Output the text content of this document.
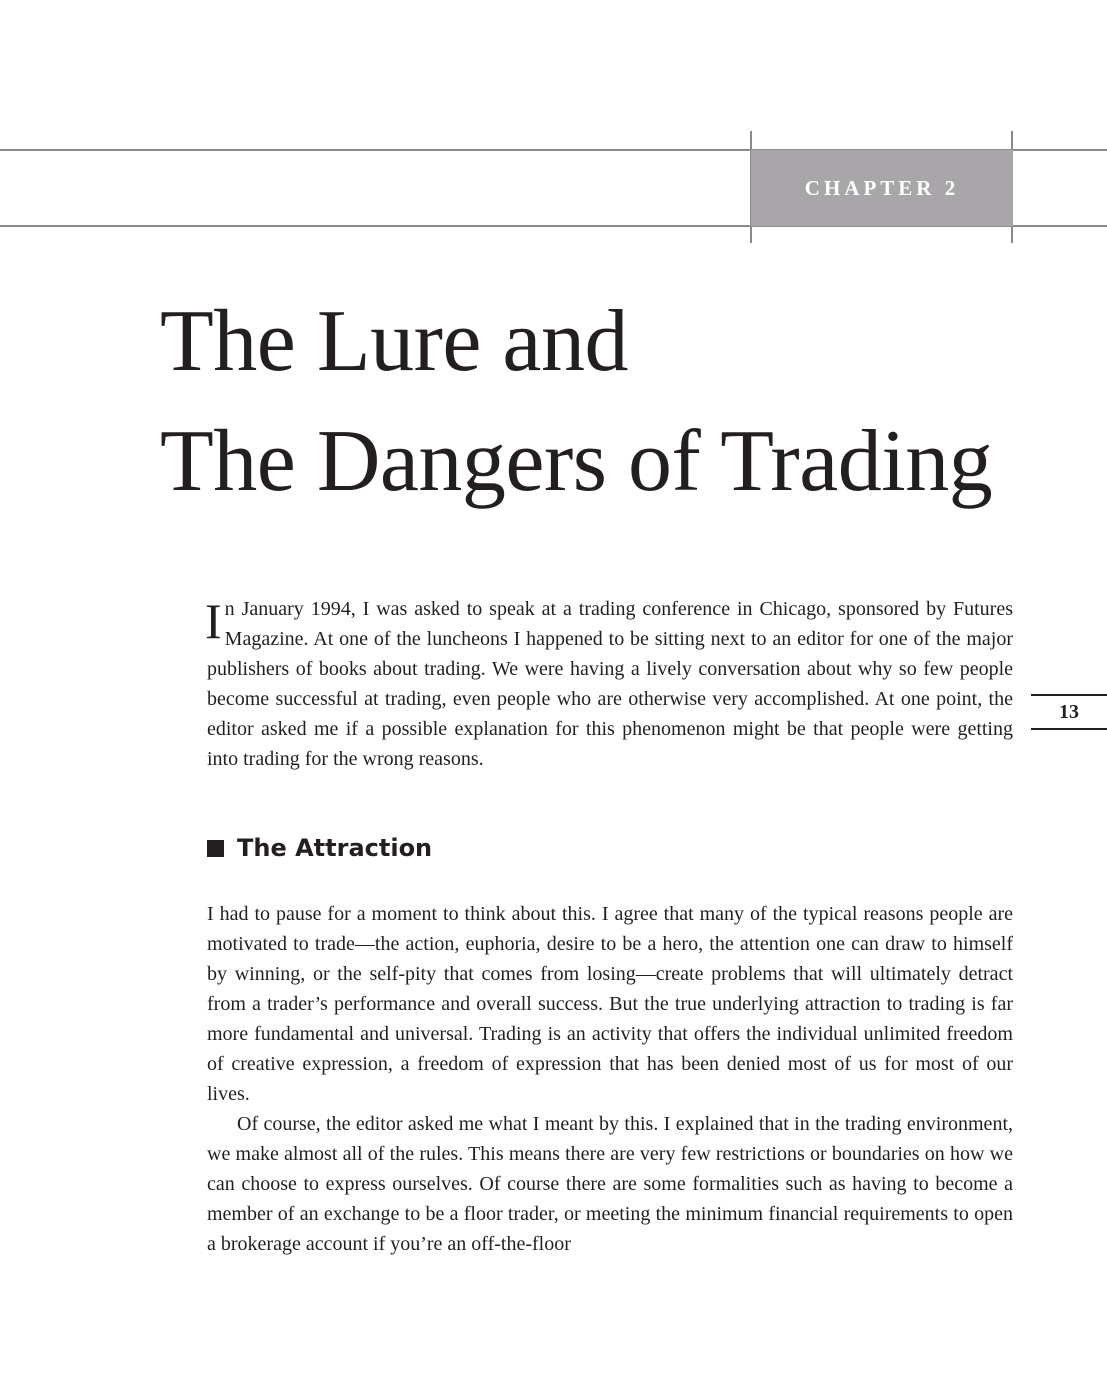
CHAPTER 2
The Lure and
The Dangers of Trading

In January 1994, I was asked to speak at a trading conference in Chicago, sponsored by Futures Magazine. At one of the luncheons I happened to be sitting next to an editor for one of the major publishers of books about trading. We were having a lively conversation about why so few people become successful at trading, even people who are otherwise very accomplished. At one point, the editor asked me if a possible explanation for this phenomenon might be that people were getting into trading for the wrong reasons.

The Attraction

I had to pause for a moment to think about this. I agree that many of the typical reasons people are motivated to trade—the action, euphoria, desire to be a hero, the attention one can draw to himself by winning, or the self-pity that comes from losing—create problems that will ultimately detract from a trader’s performance and overall success. But the true underlying attraction to trading is far more fundamental and universal. Trading is an activity that offers the individual unlimited freedom of creative expression, a freedom of expression that has been denied most of us for most of our lives.

Of course, the editor asked me what I meant by this. I explained that in the trading environment, we make almost all of the rules. This means there are very few restrictions or boundaries on how we can choose to express ourselves. Of course there are some formalities such as having to become a member of an exchange to be a floor trader, or meeting the minimum financial requirements to open a brokerage account if you’re an off-the-floor

13
